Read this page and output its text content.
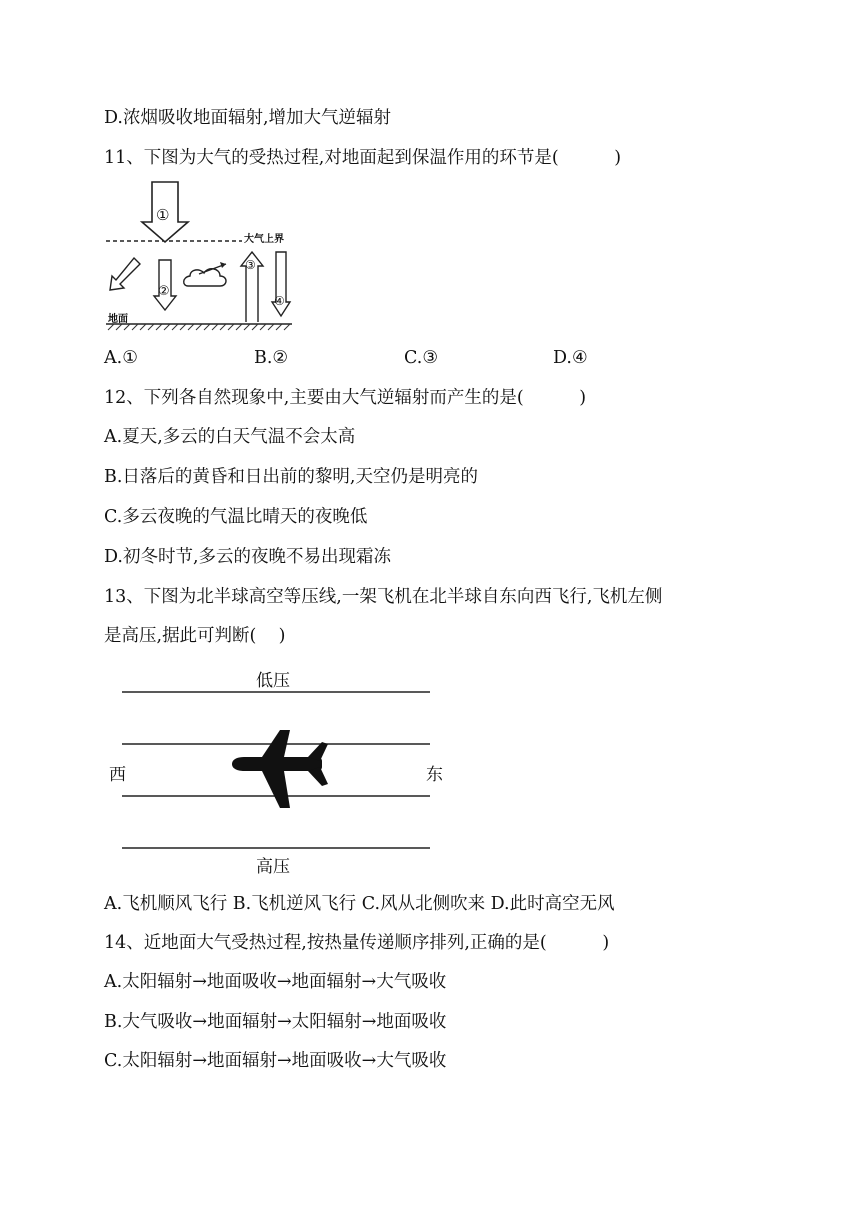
D.浓烟吸收地面辐射,增加大气逆辐射
11、下图为大气的受热过程,对地面起到保温作用的环节是(          )
大气上界
地面
①
②
③
④
A.①	B.②	C.③	D.④
12、下列各自然现象中,主要由大气逆辐射而产生的是(          )
A.夏天,多云的白天气温不会太高
B.日落后的黄昏和日出前的黎明,天空仍是明亮的
C.多云夜晚的气温比晴天的夜晚低
D.初冬时节,多云的夜晚不易出现霜冻
13、下图为北半球高空等压线,一架飞机在北半球自东向西飞行,飞机左侧
是高压,据此可判断(    )
低压
高压
西	东
A.飞机顺风飞行 B.飞机逆风飞行 C.风从北侧吹来 D.此时高空无风
14、近地面大气受热过程,按热量传递顺序排列,正确的是(          )
A.太阳辐射→地面吸收→地面辐射→大气吸收
B.大气吸收→地面辐射→太阳辐射→地面吸收
C.太阳辐射→地面辐射→地面吸收→大气吸收
